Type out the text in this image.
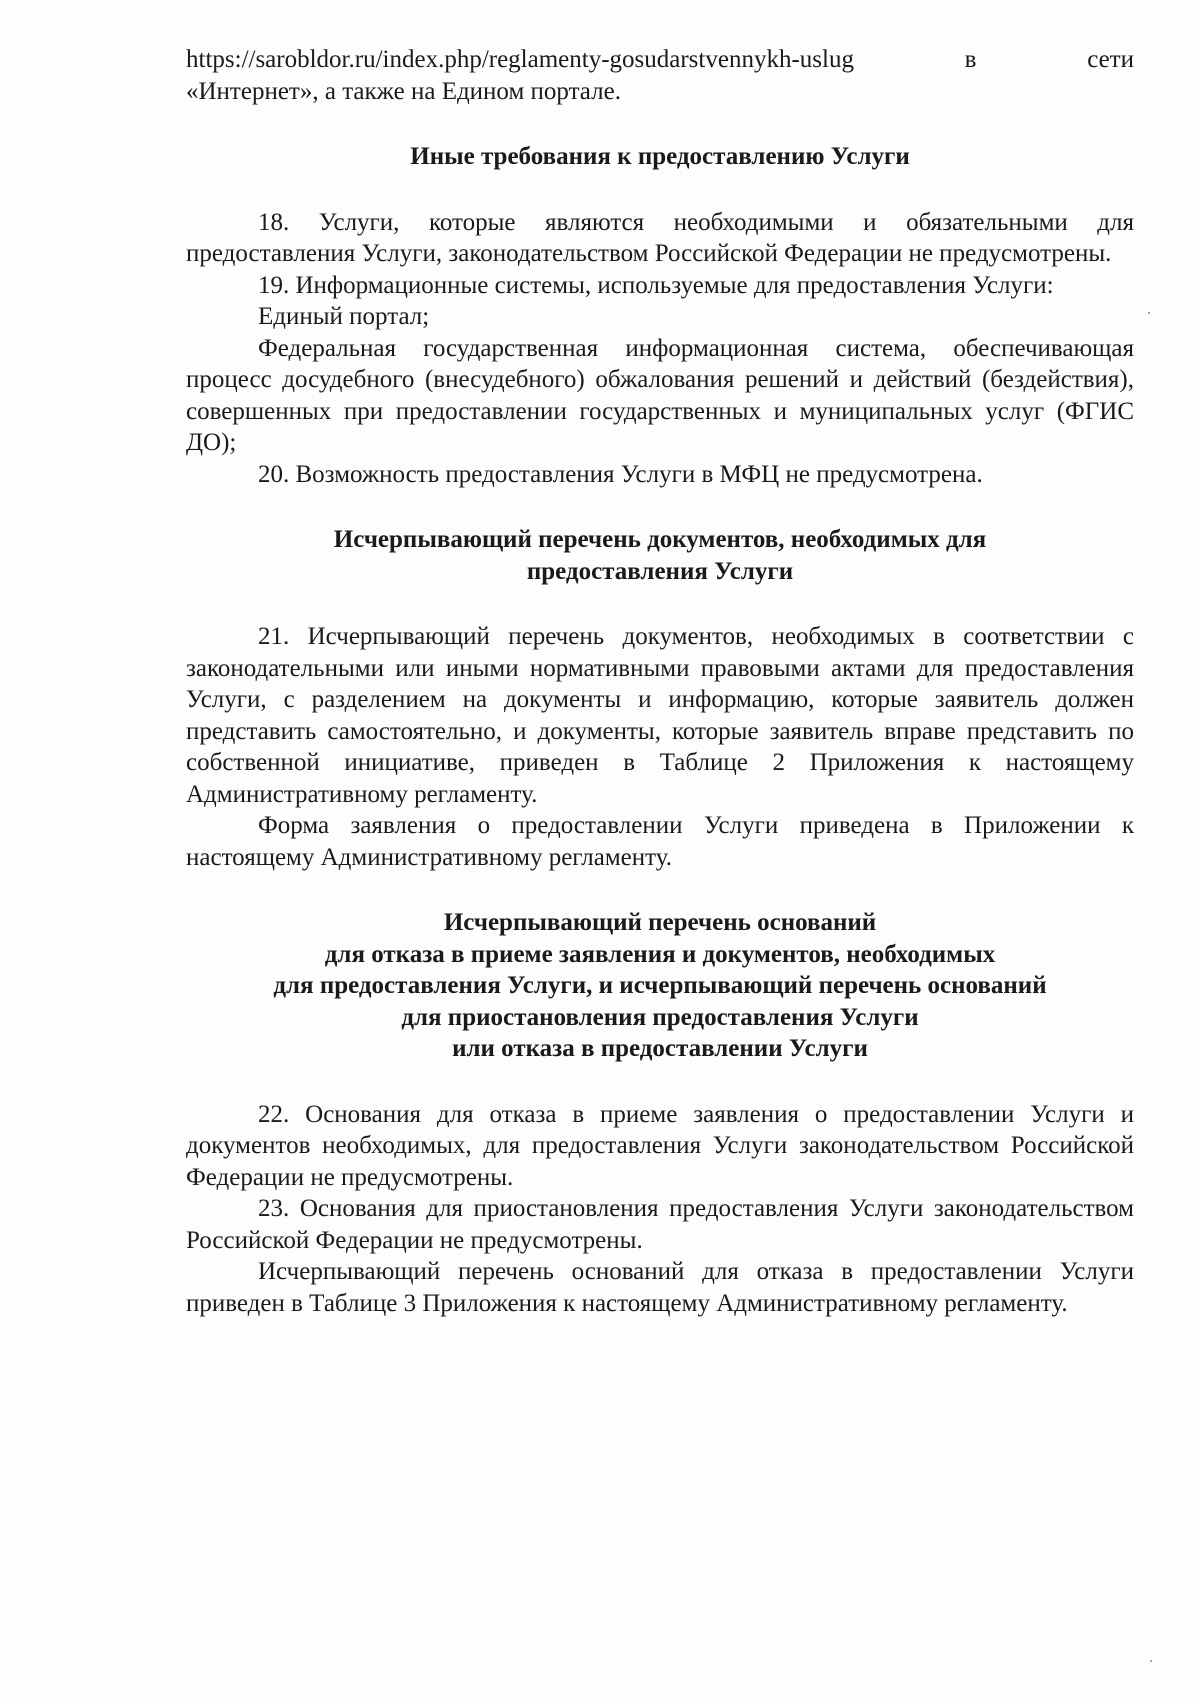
https://sarobldor.ru/index.php/reglamenty-gosudarstvennykh-uslug	в	сети

«Интернет», а также на Едином портале.

Иные требования к предоставлению Услуги

18. Услуги, которые являются необходимыми и обязательными для предоставления Услуги, законодательством Российской Федерации не предусмотрены.

19. Информационные системы, используемые для предоставления Услуги:

Единый портал;

Федеральная государственная информационная система, обеспечивающая процесс досудебного (внесудебного) обжалования решений и действий (бездействия), совершенных при предоставлении государственных и муниципальных услуг (ФГИС ДО);

20. Возможность предоставления Услуги в МФЦ не предусмотрена.

Исчерпывающий перечень документов, необходимых для
предоставления Услуги

21. Исчерпывающий перечень документов, необходимых в соответствии с законодательными или иными нормативными правовыми актами для предоставления Услуги, с разделением на документы и информацию, которые заявитель должен представить самостоятельно, и документы, которые заявитель вправе представить по собственной инициативе, приведен в Таблице 2 Приложения к настоящему Административному регламенту.

Форма заявления о предоставлении Услуги приведена в Приложении к настоящему Административному регламенту.

Исчерпывающий перечень оснований
для отказа в приеме заявления и документов, необходимых
для предоставления Услуги, и исчерпывающий перечень оснований
для приостановления предоставления Услуги
или отказа в предоставлении Услуги

22. Основания для отказа в приеме заявления о предоставлении Услуги и документов необходимых, для предоставления Услуги законодательством Российской Федерации не предусмотрены.

23. Основания для приостановления предоставления Услуги законодательством Российской Федерации не предусмотрены.

Исчерпывающий перечень оснований для отказа в предоставлении Услуги приведен в Таблице 3 Приложения к настоящему Административному регламенту.
